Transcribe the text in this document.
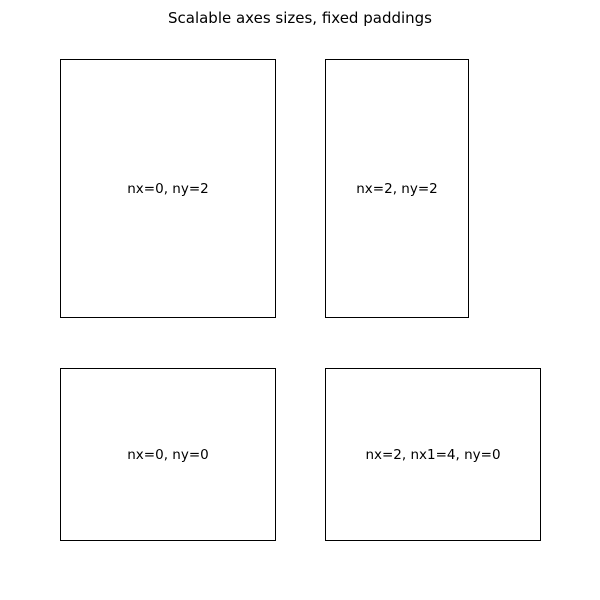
Scalable axes sizes, fixed paddings
nx=0, ny=2	nx=2, ny=2
nx=0, ny=0	nx=2, nx1=4, ny=0
